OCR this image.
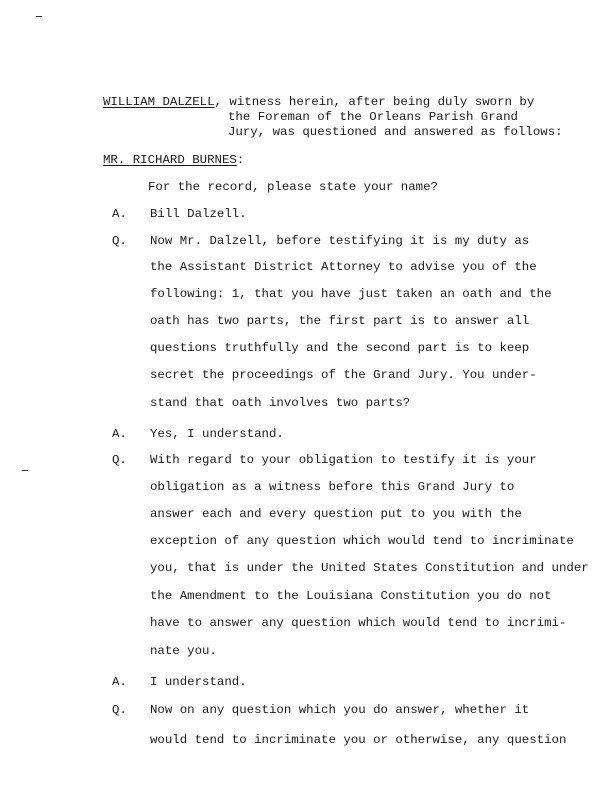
WILLIAM DALZELL, witness herein, after being duly sworn by
the Foreman of the Orleans Parish Grand
Jury, was questioned and answered as follows:
MR. RICHARD BURNES:
For the record, please state your name?
A. Bill Dalzell.
Q. Now Mr. Dalzell, before testifying it is my duty as
the Assistant District Attorney to advise you of the
following: 1, that you have just taken an oath and the
oath has two parts, the first part is to answer all
questions truthfully and the second part is to keep
secret the proceedings of the Grand Jury. You under-
stand that oath involves two parts?
A. Yes, I understand.
Q. With regard to your obligation to testify it is your
obligation as a witness before this Grand Jury to
answer each and every question put to you with the
exception of any question which would tend to incriminate
you, that is under the United States Constitution and under
the Amendment to the Louisiana Constitution you do not
have to answer any question which would tend to incrimi-
nate you.
A. I understand.
Q. Now on any question which you do answer, whether it
would tend to incriminate you or otherwise, any question
